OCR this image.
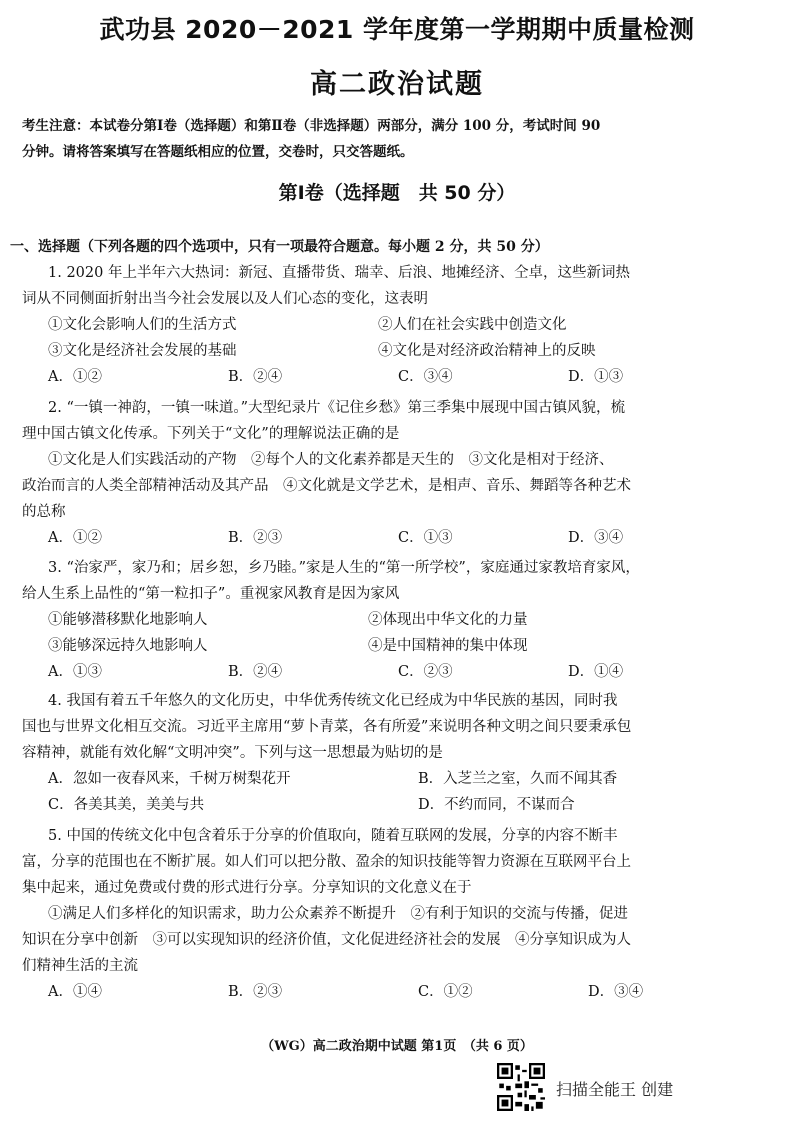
武功县 2020－2021 学年度第一学期期中质量检测
高二政治试题
考生注意：本试卷分第Ⅰ卷（选择题）和第Ⅱ卷（非选择题）两部分，满分 100 分，考试时间 90
分钟。请将答案填写在答题纸相应的位置，交卷时，只交答题纸。
第Ⅰ卷（选择题　共 50 分）
一、选择题（下列各题的四个选项中，只有一项最符合题意。每小题 2 分，共 50 分）
1. 2020 年上半年六大热词：新冠、直播带货、瑞幸、后浪、地摊经济、仝卓，这些新词热
词从不同侧面折射出当今社会发展以及人们心态的变化，这表明
①文化会影响人们的生活方式	②人们在社会实践中创造文化
③文化是经济社会发展的基础	④文化是对经济政治精神上的反映
A．①②	B．②④	C．③④	D．①③
2. “一镇一神韵，一镇一味道。”大型纪录片《记住乡愁》第三季集中展现中国古镇风貌，梳
理中国古镇文化传承。下列关于“文化”的理解说法正确的是
①文化是人们实践活动的产物　②每个人的文化素养都是天生的　③文化是相对于经济、
政治而言的人类全部精神活动及其产品　④文化就是文学艺术，是相声、音乐、舞蹈等各种艺术
的总称
A．①②	B．②③	C．①③	D．③④
3. “治家严，家乃和；居乡恕，乡乃睦。”家是人生的“第一所学校”，家庭通过家教培育家风，
给人生系上品性的“第一粒扣子”。重视家风教育是因为家风
①能够潜移默化地影响人	②体现出中华文化的力量
③能够深远持久地影响人	④是中国精神的集中体现
A．①③	B．②④	C．②③	D．①④
4. 我国有着五千年悠久的文化历史，中华优秀传统文化已经成为中华民族的基因，同时我
国也与世界文化相互交流。习近平主席用“萝卜青菜，各有所爱”来说明各种文明之间只要秉承包
容精神，就能有效化解“文明冲突”。下列与这一思想最为贴切的是
A．忽如一夜春风来，千树万树梨花开	B．入芝兰之室，久而不闻其香
C．各美其美，美美与共	D．不约而同，不谋而合
5. 中国的传统文化中包含着乐于分享的价值取向，随着互联网的发展，分享的内容不断丰
富，分享的范围也在不断扩展。如人们可以把分散、盈余的知识技能等智力资源在互联网平台上
集中起来，通过免费或付费的形式进行分享。分享知识的文化意义在于
①满足人们多样化的知识需求，助力公众素养不断提升　②有利于知识的交流与传播，促进
知识在分享中创新　③可以实现知识的经济价值，文化促进经济社会的发展　④分享知识成为人
们精神生活的主流
A．①④	B．②③	C．①②	D．③④
（WG）高二政治期中试题 第1页　（共 6 页）
扫描全能王 创建
